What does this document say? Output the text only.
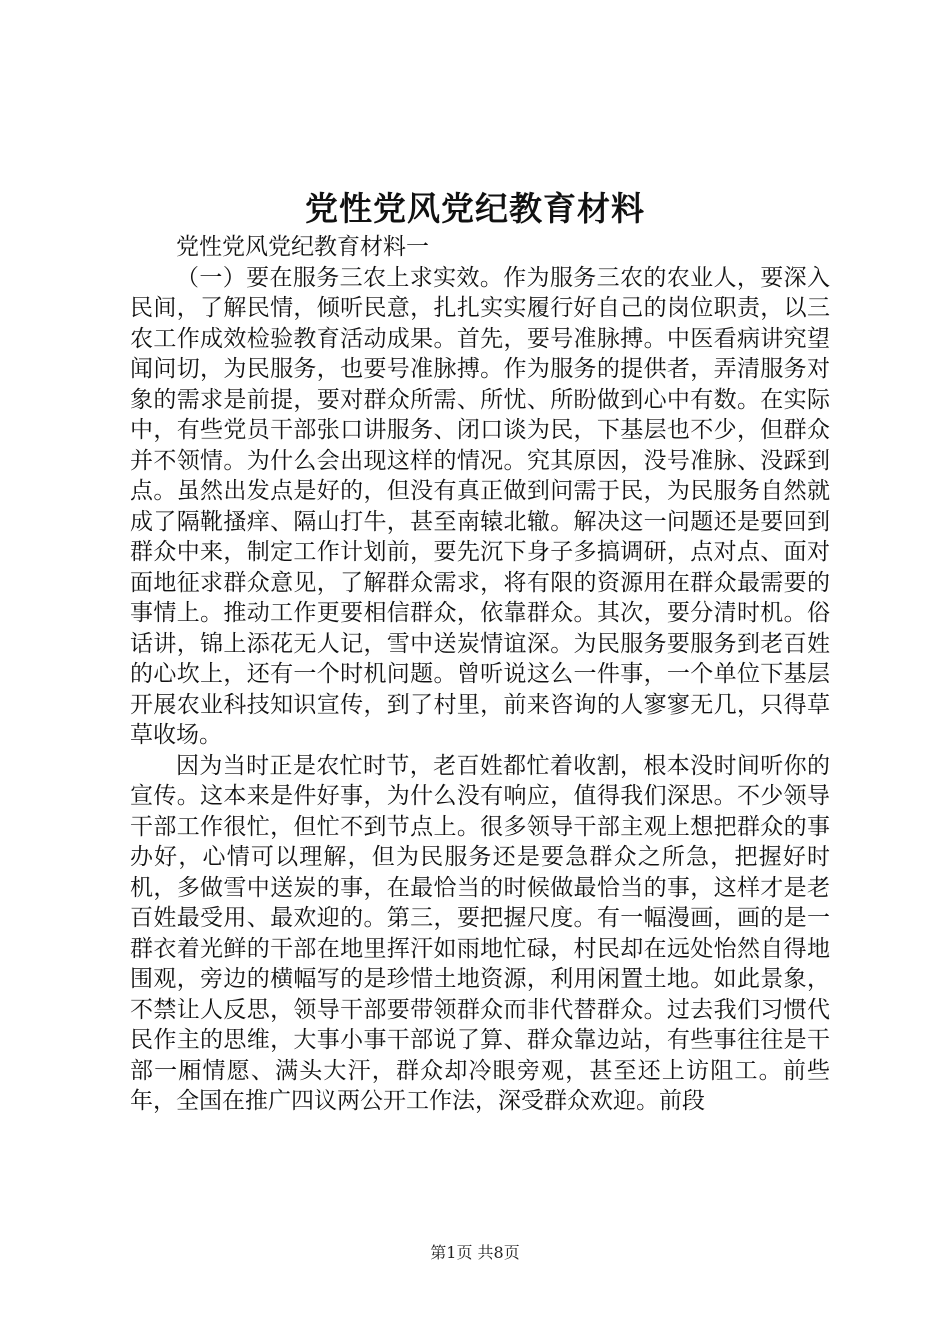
党性党风党纪教育材料

党性党风党纪教育材料一

（一）要在服务三农上求实效。作为服务三农的农业人，要深入民间，了解民情，倾听民意，扎扎实实履行好自己的岗位职责，以三农工作成效检验教育活动成果。首先，要号准脉搏。中医看病讲究望闻问切，为民服务，也要号准脉搏。作为服务的提供者，弄清服务对象的需求是前提，要对群众所需、所忧、所盼做到心中有数。在实际中，有些党员干部张口讲服务、闭口谈为民，下基层也不少，但群众并不领情。为什么会出现这样的情况。究其原因，没号准脉、没踩到点。虽然出发点是好的，但没有真正做到问需于民，为民服务自然就成了隔靴搔痒、隔山打牛，甚至南辕北辙。解决这一问题还是要回到群众中来，制定工作计划前，要先沉下身子多搞调研，点对点、面对面地征求群众意见，了解群众需求，将有限的资源用在群众最需要的事情上。推动工作更要相信群众，依靠群众。其次，要分清时机。俗话讲，锦上添花无人记，雪中送炭情谊深。为民服务要服务到老百姓的心坎上，还有一个时机问题。曾听说这么一件事，一个单位下基层开展农业科技知识宣传，到了村里，前来咨询的人寥寥无几，只得草草收场。

因为当时正是农忙时节，老百姓都忙着收割，根本没时间听你的宣传。这本来是件好事，为什么没有响应，值得我们深思。不少领导干部工作很忙，但忙不到节点上。很多领导干部主观上想把群众的事办好，心情可以理解，但为民服务还是要急群众之所急，把握好时机，多做雪中送炭的事，在最恰当的时候做最恰当的事，这样才是老百姓最受用、最欢迎的。第三，要把握尺度。有一幅漫画，画的是一群衣着光鲜的干部在地里挥汗如雨地忙碌，村民却在远处怡然自得地围观，旁边的横幅写的是珍惜土地资源，利用闲置土地。如此景象，不禁让人反思，领导干部要带领群众而非代替群众。过去我们习惯代民作主的思维，大事小事干部说了算、群众靠边站，有些事往往是干部一厢情愿、满头大汗，群众却冷眼旁观，甚至还上访阻工。前些年，全国在推广四议两公开工作法，深受群众欢迎。前段

第1页 共8页
